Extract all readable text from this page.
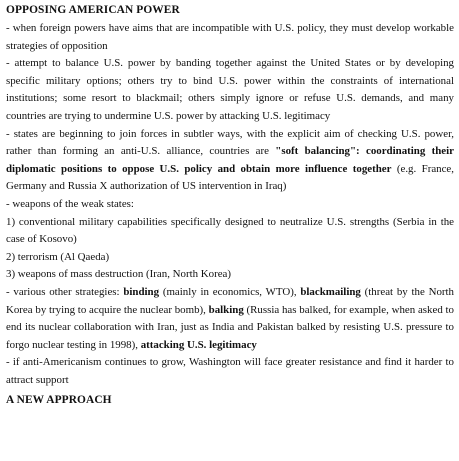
OPPOSING AMERICAN POWER

- when foreign powers have aims that are incompatible with U.S. policy, they must develop workable strategies of opposition

- attempt to balance U.S. power by banding together against the United States or by developing specific military options; others try to bind U.S. power within the constraints of international institutions; some resort to blackmail; others simply ignore or refuse U.S. demands, and many countries are trying to undermine U.S. power by attacking U.S. legitimacy

- states are beginning to join forces in subtler ways, with the explicit aim of checking U.S. power, rather than forming an anti-U.S. alliance, countries are "soft balancing": coordinating their diplomatic positions to oppose U.S. policy and obtain more influence together (e.g. France, Germany and Russia X authorization of US intervention in Iraq)

- weapons of the weak states:

1) conventional military capabilities specifically designed to neutralize U.S. strengths (Serbia in the case of Kosovo)

2) terrorism (Al Qaeda)

3) weapons of mass destruction (Iran, North Korea)

- various other strategies: binding (mainly in economics, WTO), blackmailing (threat by the North Korea by trying to acquire the nuclear bomb), balking (Russia has balked, for example, when asked to end its nuclear collaboration with Iran, just as India and Pakistan balked by resisting U.S. pressure to forgo nuclear testing in 1998), attacking U.S. legitimacy

- if anti-Americanism continues to grow, Washington will face greater resistance and find it harder to attract support

A NEW APPROACH
